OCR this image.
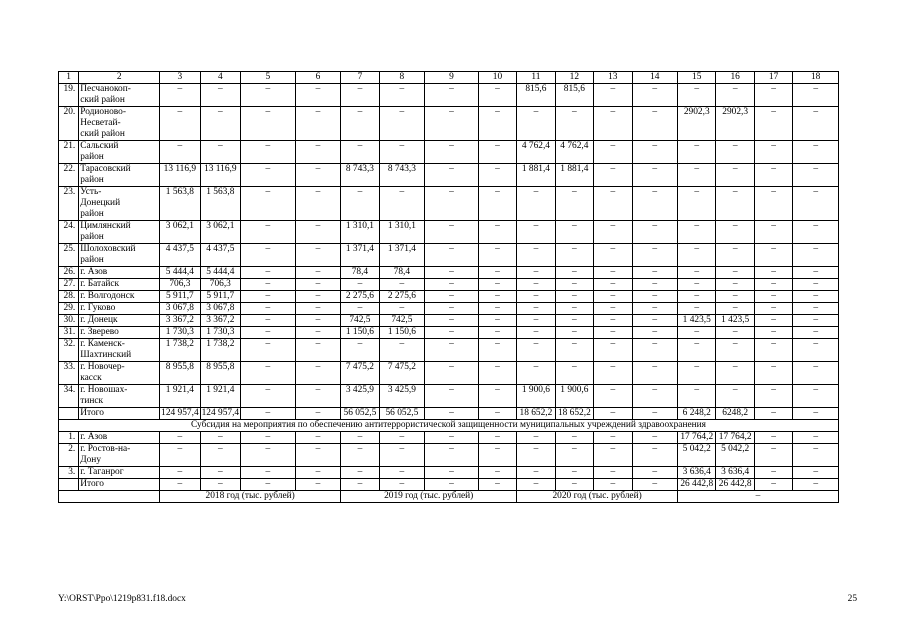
1	2	3	4	5	6	7	8	9	10	11	12	13	14	15	16	17	18
19.	Песчанокоп-
ский район	–	–	–	–	–	–	–	–	815,6	815,6	–	–	–	–	–	–
20.	Родионово-
Несветай-
ский район	–	–	–	–	–	–	–	–	–	–	–	–	2902,3	2902,3	–	–
21.	Сальский
район	–	–	–	–	–	–	–	–	4 762,4	4 762,4	–	–	–	–	–	–
22.	Тарасовский
район	13 116,9	13 116,9	–	–	8 743,3	8 743,3	–	–	1 881,4	1 881,4	–	–	–	–	–	–
23.	Усть-
Донецкий
район	1 563,8	1 563,8	–	–	–	–	–	–	–	–	–	–	–	–	–	–
24.	Цимлянский
район	3 062,1	3 062,1	–	–	1 310,1	1 310,1	–	–	–	–	–	–	–	–	–	–
25.	Шолоховский
район	4 437,5	4 437,5	–	–	1 371,4	1 371,4	–	–	–	–	–	–	–	–	–	–
26.	г. Азов	5 444,4	5 444,4	–	–	78,4	78,4	–	–	–	–	–	–	–	–	–	–
27.	г. Батайск	706,3	706,3	–	–	–	–	–	–	–	–	–	–	–	–	–	–
28.	г. Волгодонск	5 911,7	5 911,7	–	–	2 275,6	2 275,6	–	–	–	–	–	–	–	–	–	–
29.	г. Гуково	3 067,8	3 067,8	–	–	–	–	–	–	–	–	–	–	–	–	–	–
30.	г. Донецк	3 367,2	3 367,2	–	–	742,5	742,5	–	–	–	–	–	–	1 423,5	1 423,5	–	–
31.	г. Зверево	1 730,3	1 730,3	–	–	1 150,6	1 150,6	–	–	–	–	–	–	–	–	–	–
32.	г. Каменск-
Шахтинский	1 738,2	1 738,2	–	–	–	–	–	–	–	–	–	–	–	–	–	–
33.	г. Новочер-
касск	8 955,8	8 955,8	–	–	7 475,2	7 475,2	–	–	–	–	–	–	–	–	–	–
34.	г. Новошах-
тинск	1 921,4	1 921,4	–	–	3 425,9	3 425,9	–	–	1 900,6	1 900,6	–	–	–	–	–	–
	Итого	124 957,4	124 957,4	–	–	56 052,5	56 052,5	–	–	18 652,2	18 652,2	–	–	6 248,2	6248,2	–	–
Субсидия на мероприятия по обеспечению антитеррористической защищенности муниципальных учреждений здравоохранения																	
1.	г. Азов	–	–	–	–	–	–	–	–	–	–	–	–	17 764,2	17 764,2	–	–
2.	г. Ростов-на-
Дону	–	–	–	–	–	–	–	–	–	–	–	–	5 042,2	5 042,2	–	–
3.	г. Таганрог	–	–	–	–	–	–	–	–	–	–	–	–	3 636,4	3 636,4	–	–
	Итого	–	–	–	–	–	–	–	–	–	–	–	–	26 442,8	26 442,8	–	–
		2018 год (тыс. рублей)				2019 год (тыс. рублей)				2020 год (тыс. рублей)				–			
Y:\ORST\Ppo\1219p831.f18.docx	25
